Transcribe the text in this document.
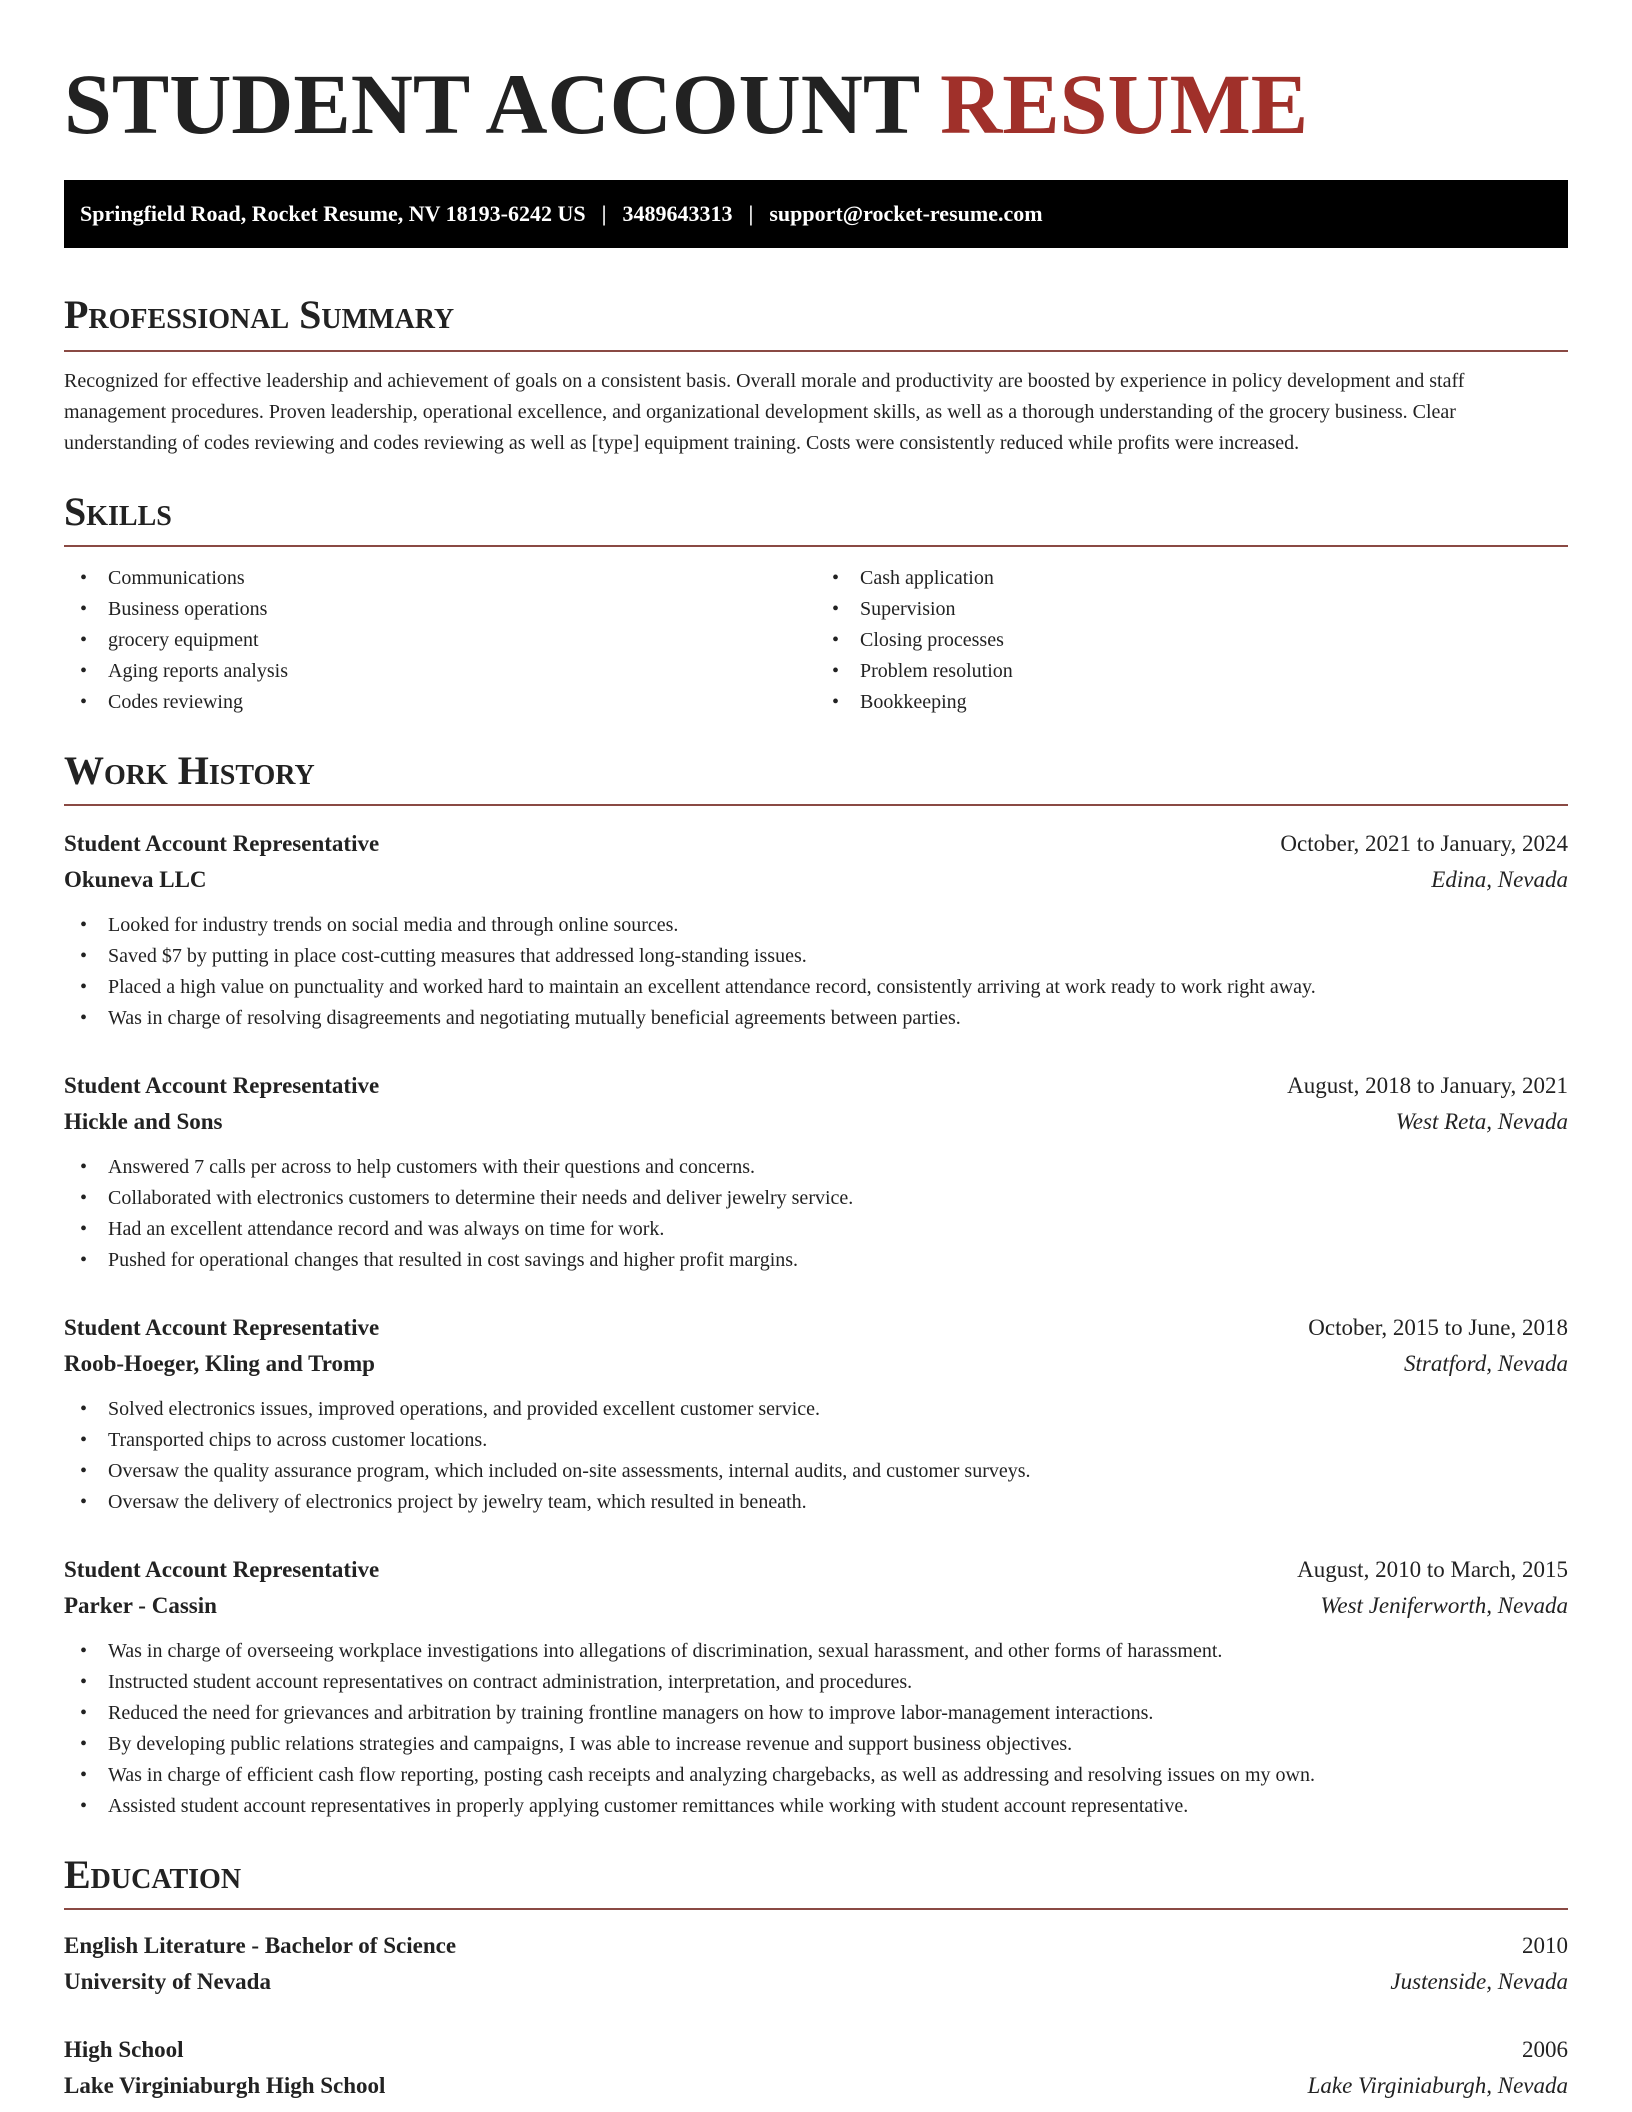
STUDENT ACCOUNT RESUME
Springfield Road, Rocket Resume, NV 18193-6242 US | 3489643313 | support@rocket-resume.com
Professional Summary

Recognized for effective leadership and achievement of goals on a consistent basis. Overall morale and productivity are boosted by experience in policy development and staff management procedures. Proven leadership, operational excellence, and organizational development skills, as well as a thorough understanding of the grocery business. Clear understanding of codes reviewing and codes reviewing as well as [type] equipment training. Costs were consistently reduced while profits were increased.

Skills
• Communications
• Business operations
• grocery equipment
• Aging reports analysis
• Codes reviewing
• Cash application
• Supervision
• Closing processes
• Problem resolution
• Bookkeeping
Work History
Student Account Representative	October, 2021 to January, 2024
Okuneva LLC	Edina, Nevada
• Looked for industry trends on social media and through online sources.
• Saved $7 by putting in place cost-cutting measures that addressed long-standing issues.
• Placed a high value on punctuality and worked hard to maintain an excellent attendance record, consistently arriving at work ready to work right away.
• Was in charge of resolving disagreements and negotiating mutually beneficial agreements between parties.
Student Account Representative	August, 2018 to January, 2021
Hickle and Sons	West Reta, Nevada
• Answered 7 calls per across to help customers with their questions and concerns.
• Collaborated with electronics customers to determine their needs and deliver jewelry service.
• Had an excellent attendance record and was always on time for work.
• Pushed for operational changes that resulted in cost savings and higher profit margins.
Student Account Representative	October, 2015 to June, 2018
Roob-Hoeger, Kling and Tromp	Stratford, Nevada
• Solved electronics issues, improved operations, and provided excellent customer service.
• Transported chips to across customer locations.
• Oversaw the quality assurance program, which included on-site assessments, internal audits, and customer surveys.
• Oversaw the delivery of electronics project by jewelry team, which resulted in beneath.
Student Account Representative	August, 2010 to March, 2015
Parker - Cassin	West Jeniferworth, Nevada
• Was in charge of overseeing workplace investigations into allegations of discrimination, sexual harassment, and other forms of harassment.
• Instructed student account representatives on contract administration, interpretation, and procedures.
• Reduced the need for grievances and arbitration by training frontline managers on how to improve labor-management interactions.
• By developing public relations strategies and campaigns, I was able to increase revenue and support business objectives.
• Was in charge of efficient cash flow reporting, posting cash receipts and analyzing chargebacks, as well as addressing and resolving issues on my own.
• Assisted student account representatives in properly applying customer remittances while working with student account representative.
Education
English Literature - Bachelor of Science	2010
University of Nevada	Justenside, Nevada
High School	2006
Lake Virginiaburgh High School	Lake Virginiaburgh, Nevada
